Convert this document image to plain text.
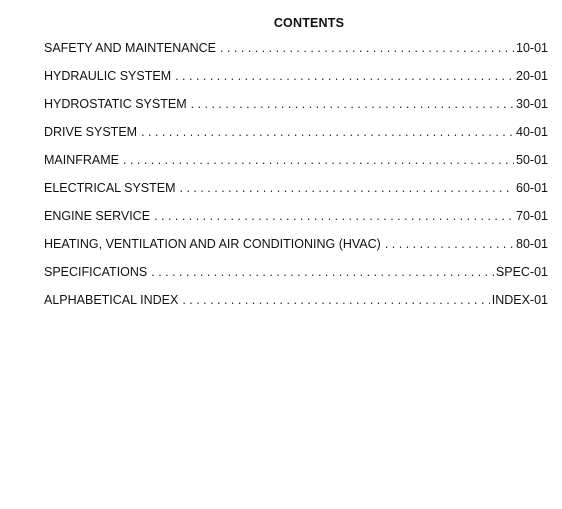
CONTENTS
SAFETY AND MAINTENANCE . . .	10-01
HYDRAULIC SYSTEM . . .	20-01
HYDROSTATIC SYSTEM . . .	30-01
DRIVE SYSTEM . . .	40-01
MAINFRAME . . .	50-01
ELECTRICAL SYSTEM . . .	60-01
ENGINE SERVICE . . .	70-01
HEATING, VENTILATION AND AIR CONDITIONING (HVAC) . . .	80-01
SPECIFICATIONS . . .	SPEC-01
ALPHABETICAL INDEX . . .	INDEX-01
